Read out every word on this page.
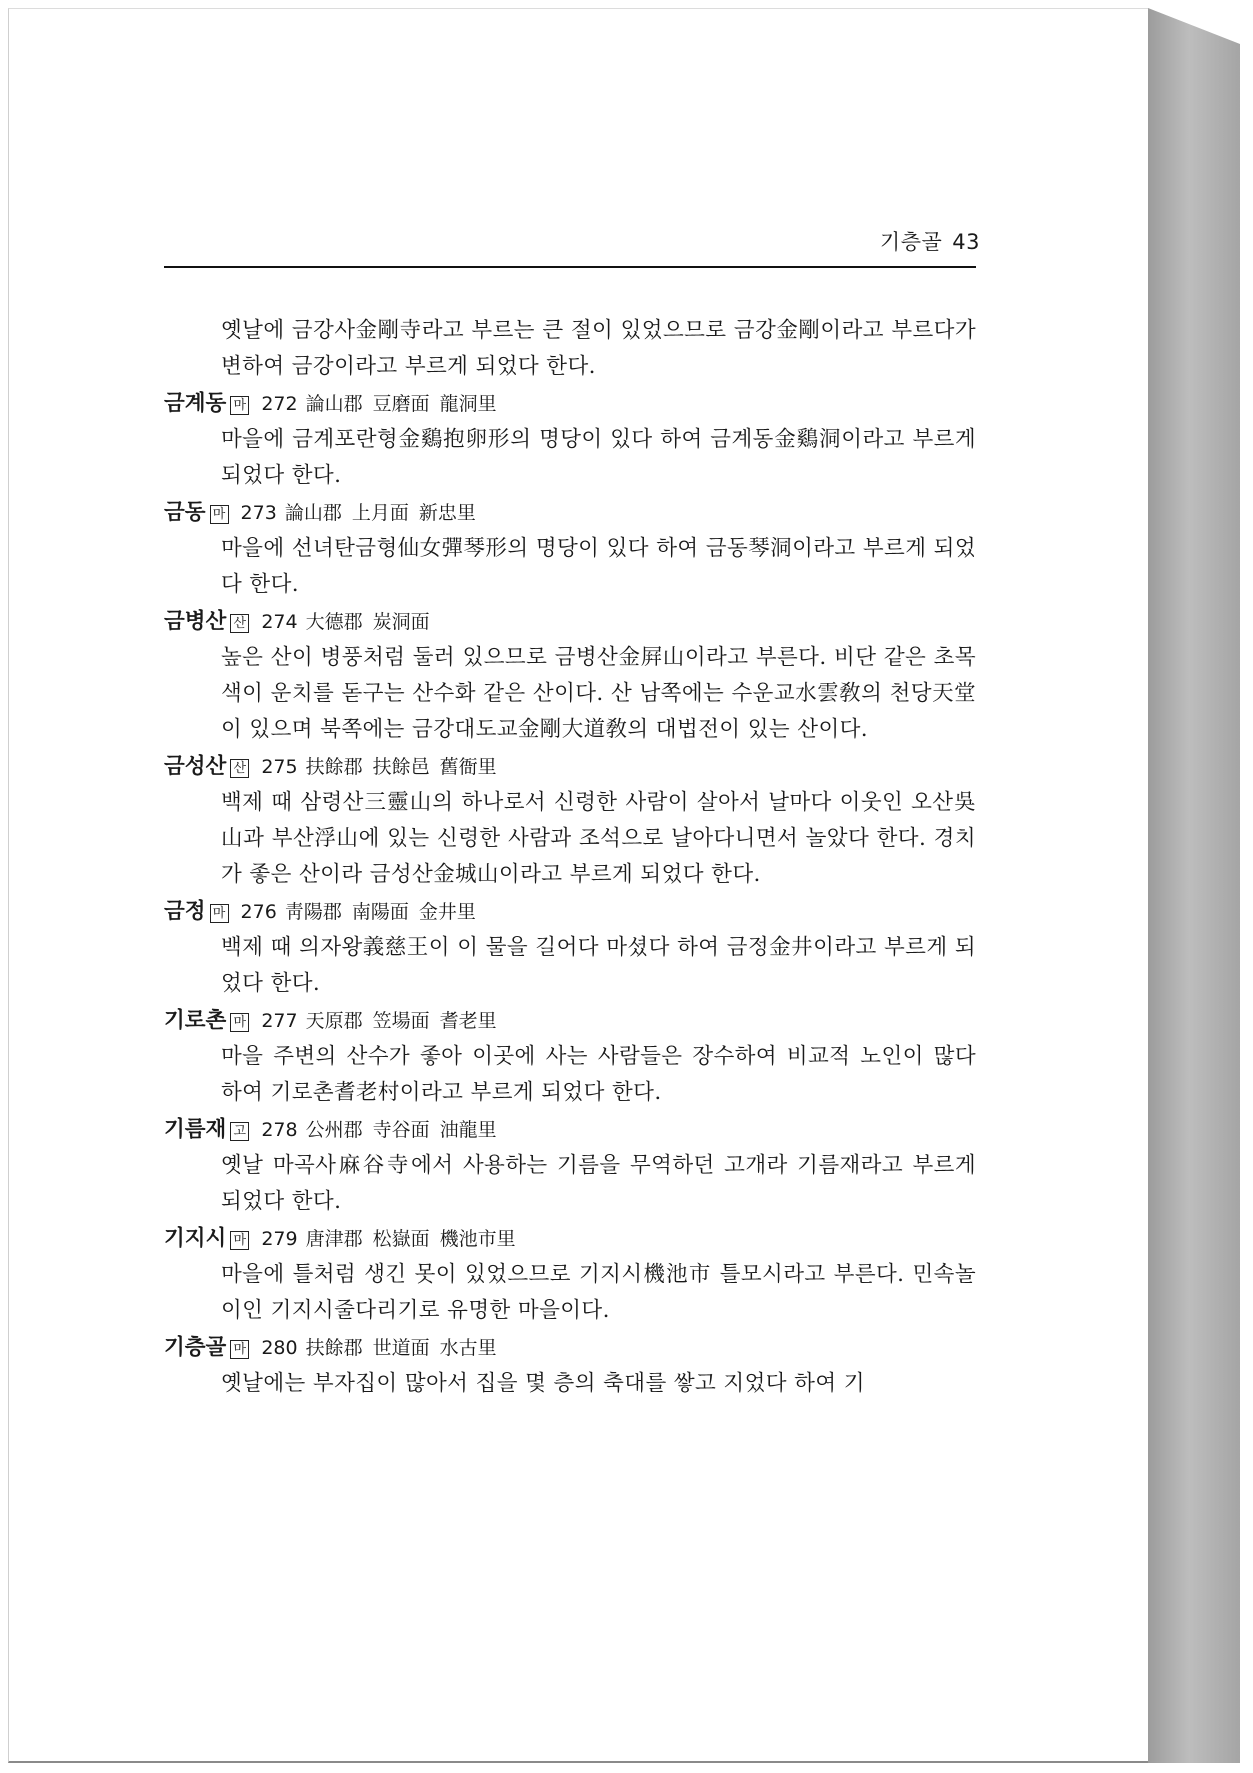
기층골 43

옛날에 금강사金剛寺라고 부르는 큰 절이 있었으므로 금강金剛이라고 부르다가 변하여 금강이라고 부르게 되었다 한다.

금계동 마 272 論山郡 豆磨面 龍洞里

마을에 금계포란형金鷄抱卵形의 명당이 있다 하여 금계동金鷄洞이라고 부르게 되었다 한다.

금동 마 273 論山郡 上月面 新忠里

마을에 선녀탄금형仙女彈琴形의 명당이 있다 하여 금동琴洞이라고 부르게 되었다 한다.

금병산 산 274 大德郡 炭洞面

높은 산이 병풍처럼 둘러 있으므로 금병산金屛山이라고 부른다. 비단 같은 초목색이 운치를 돋구는 산수화 같은 산이다. 산 남쪽에는 수운교水雲敎의 천당天堂이 있으며 북쪽에는 금강대도교金剛大道敎의 대법전이 있는 산이다.

금성산 산 275 扶餘郡 扶餘邑 舊衙里

백제 때 삼령산三靈山의 하나로서 신령한 사람이 살아서 날마다 이웃인 오산吳山과 부산浮山에 있는 신령한 사람과 조석으로 날아다니면서 놀았다 한다. 경치가 좋은 산이라 금성산金城山이라고 부르게 되었다 한다.

금정 마 276 靑陽郡 南陽面 金井里

백제 때 의자왕義慈王이 이 물을 길어다 마셨다 하여 금정金井이라고 부르게 되었다 한다.

기로촌 마 277 天原郡 笠場面 耆老里

마을 주변의 산수가 좋아 이곳에 사는 사람들은 장수하여 비교적 노인이 많다 하여 기로촌耆老村이라고 부르게 되었다 한다.

기름재 고 278 公州郡 寺谷面 油龍里

옛날 마곡사麻谷寺에서 사용하는 기름을 무역하던 고개라 기름재라고 부르게 되었다 한다.

기지시 마 279 唐津郡 松嶽面 機池市里

마을에 틀처럼 생긴 못이 있었으므로 기지시機池市 틀모시라고 부른다. 민속놀이인 기지시줄다리기로 유명한 마을이다.

기층골 마 280 扶餘郡 世道面 水古里

옛날에는 부자집이 많아서 집을 몇 층의 축대를 쌓고 지었다 하여 기
